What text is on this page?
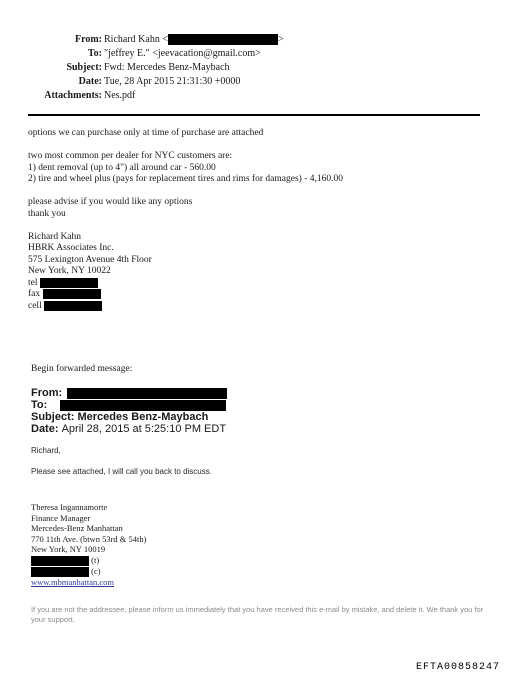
From: Richard Kahn <	>
To: "jeffrey E." <jeevacation@gmail.com>
Subject: Fwd: Mercedes Benz-Maybach
Date: Tue, 28 Apr 2015 21:31:30 +0000
Attachments: Nes.pdf
options we can purchase only at time of purchase are attached
two most common per dealer for NYC customers are:
1) dent removal (up to 4") all around car - 560.00
2) tire and wheel plus (pays for replacement tires and rims for damages) - 4,160.00
please advise if you would like any options
thank you
Richard Kahn
HBRK Associates Inc.
575 Lexington Avenue 4th Floor
New York, NY 10022
tel
fax
cell
Begin forwarded message:
From:
To:
Subject: Mercedes Benz-Maybach
Date: April 28, 2015 at 5:25:10 PM EDT
Richard,
Please see attached, I will call you back to discuss.
Theresa Ingannamorte
Finance Manager
Mercedes-Benz Manhattan
770 11th Ave. (btwn 53rd & 54th)
New York, NY 10019
(t)
(c)
www.mbmanhattan.com
If you are not the addressee, please inform us immediately that you have received this e-mail by mistake, and delete it. We thank you for your support.
EFTA00858247
